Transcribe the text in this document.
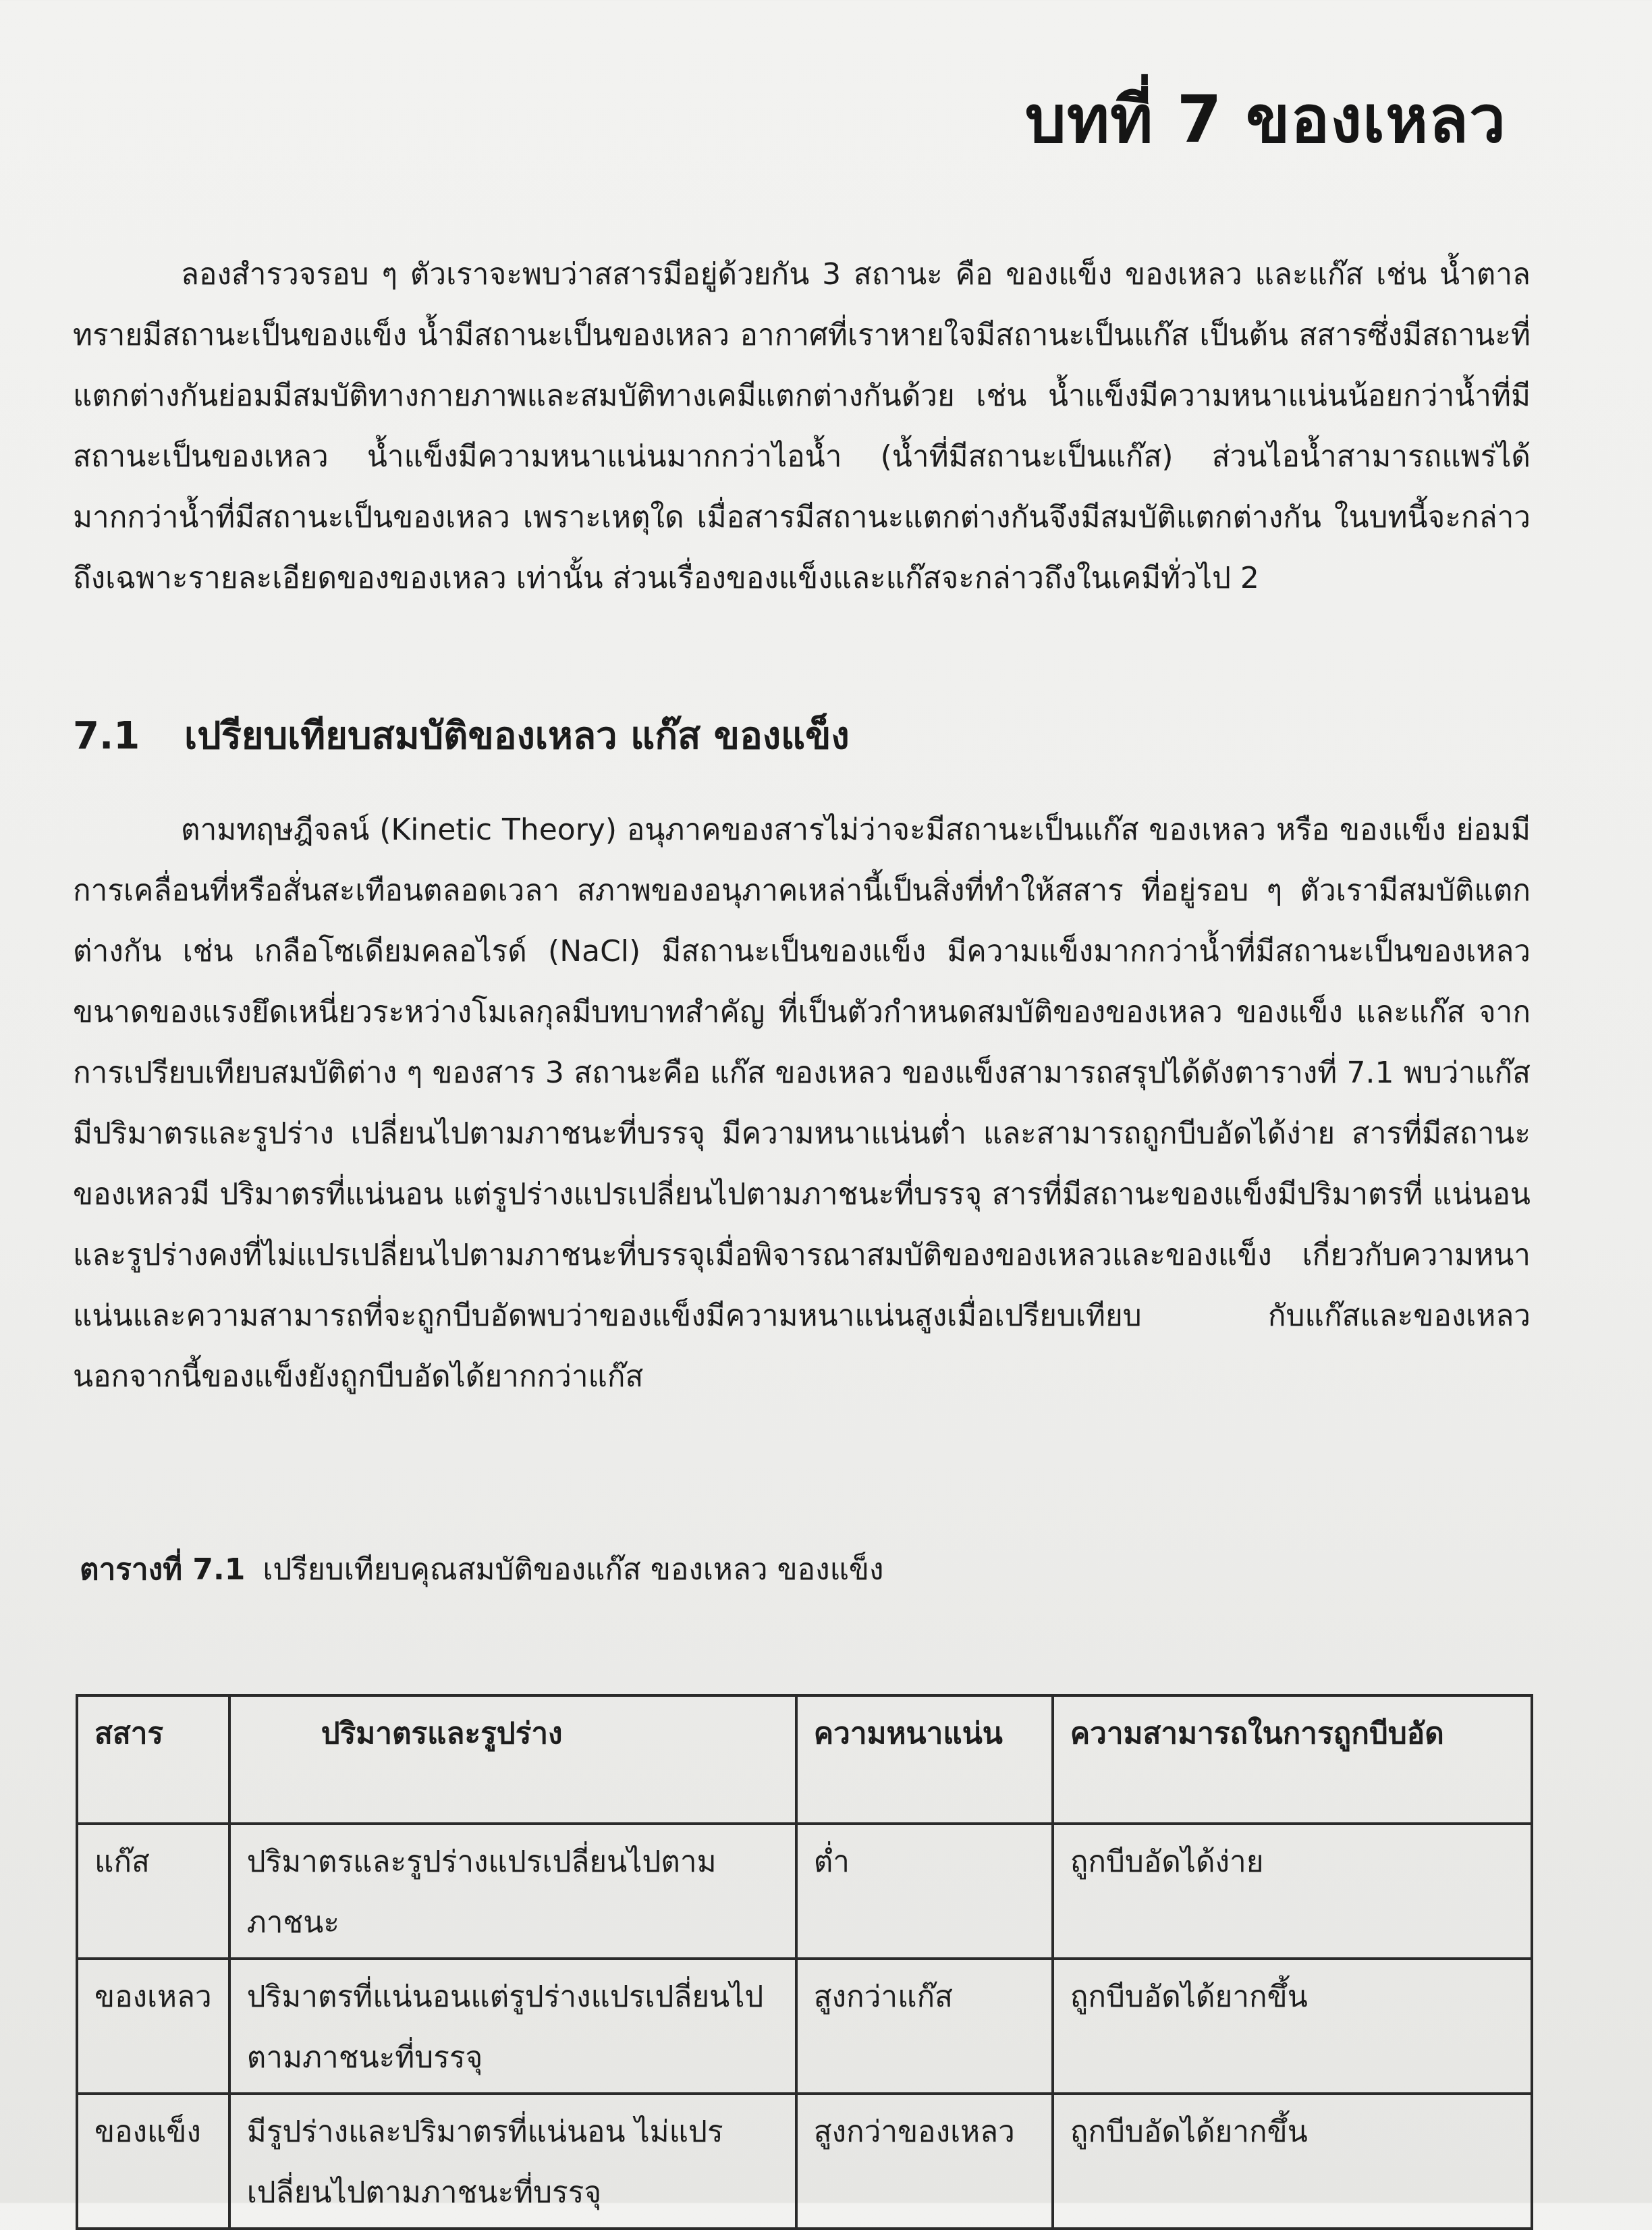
บทที่ 7 ของเหลว

ลองสำรวจรอบ ๆ ตัวเราจะพบว่าสสารมีอยู่ด้วยกัน 3 สถานะ คือ ของแข็ง ของเหลว และแก๊ส เช่น น้ำตาลทรายมีสถานะเป็นของแข็ง น้ำมีสถานะเป็นของเหลว อากาศที่เราหายใจมีสถานะเป็นแก๊ส เป็นต้น สสารซึ่งมีสถานะที่แตกต่างกันย่อมมีสมบัติทางกายภาพและสมบัติทางเคมีแตกต่างกันด้วย เช่น น้ำแข็งมีความหนาแน่นน้อยกว่าน้ำที่มีสถานะเป็นของเหลว น้ำแข็งมีความหนาแน่นมากกว่าไอน้ำ (น้ำที่มีสถานะเป็นแก๊ส) ส่วนไอน้ำสามารถแพร่ได้มากกว่าน้ำที่มีสถานะเป็นของเหลว เพราะเหตุใด เมื่อสารมีสถานะแตกต่างกันจึงมีสมบัติแตกต่างกัน ในบทนี้จะกล่าวถึงเฉพาะรายละเอียดของของเหลว เท่านั้น ส่วนเรื่องของแข็งและแก๊สจะกล่าวถึงในเคมีทั่วไป 2

7.1 เปรียบเทียบสมบัติของเหลว แก๊ส ของแข็ง

ตามทฤษฎีจลน์ (Kinetic Theory) อนุภาคของสารไม่ว่าจะมีสถานะเป็นแก๊ส ของเหลว หรือ ของแข็ง ย่อมมีการเคลื่อนที่หรือสั่นสะเทือนตลอดเวลา สภาพของอนุภาคเหล่านี้เป็นสิ่งที่ทำให้สสาร ที่อยู่รอบ ๆ ตัวเรามีสมบัติแตกต่างกัน เช่น เกลือโซเดียมคลอไรด์ (NaCl) มีสถานะเป็นของแข็ง มีความแข็งมากกว่าน้ำที่มีสถานะเป็นของเหลว ขนาดของแรงยึดเหนี่ยวระหว่างโมเลกุลมีบทบาทสำคัญ ที่เป็นตัวกำหนดสมบัติของของเหลว ของแข็ง และแก๊ส จากการเปรียบเทียบสมบัติต่าง ๆ ของสาร 3 สถานะคือ แก๊ส ของเหลว ของแข็งสามารถสรุปได้ดังตารางที่ 7.1 พบว่าแก๊สมีปริมาตรและรูปร่าง เปลี่ยนไปตามภาชนะที่บรรจุ มีความหนาแน่นต่ำ และสามารถถูกบีบอัดได้ง่าย สารที่มีสถานะของเหลวมี ปริมาตรที่แน่นอน แต่รูปร่างแปรเปลี่ยนไปตามภาชนะที่บรรจุ สารที่มีสถานะของแข็งมีปริมาตรที่ แน่นอนและรูปร่างคงที่ไม่แปรเปลี่ยนไปตามภาชนะที่บรรจุเมื่อพิจารณาสมบัติของของเหลวและของแข็ง เกี่ยวกับความหนาแน่นและความสามารถที่จะถูกบีบอัดพบว่าของแข็งมีความหนาแน่นสูงเมื่อเปรียบเทียบ กับแก๊สและของเหลว นอกจากนี้ของแข็งยังถูกบีบอัดได้ยากกว่าแก๊ส

ตารางที่ 7.1 เปรียบเทียบคุณสมบัติของแก๊ส ของเหลว ของแข็ง
สสาร	ปริมาตรและรูปร่าง	ความหนาแน่น	ความสามารถในการถูกบีบอัด
แก๊ส	ปริมาตรและรูปร่างแปรเปลี่ยนไปตามภาชนะ	ต่ำ	ถูกบีบอัดได้ง่าย
ของเหลว	ปริมาตรที่แน่นอนแต่รูปร่างแปรเปลี่ยนไปตามภาชนะที่บรรจุ	สูงกว่าแก๊ส	ถูกบีบอัดได้ยากขึ้น
ของแข็ง	มีรูปร่างและปริมาตรที่แน่นอน ไม่แปรเปลี่ยนไปตามภาชนะที่บรรจุ	สูงกว่าของเหลว	ถูกบีบอัดได้ยากขึ้น
